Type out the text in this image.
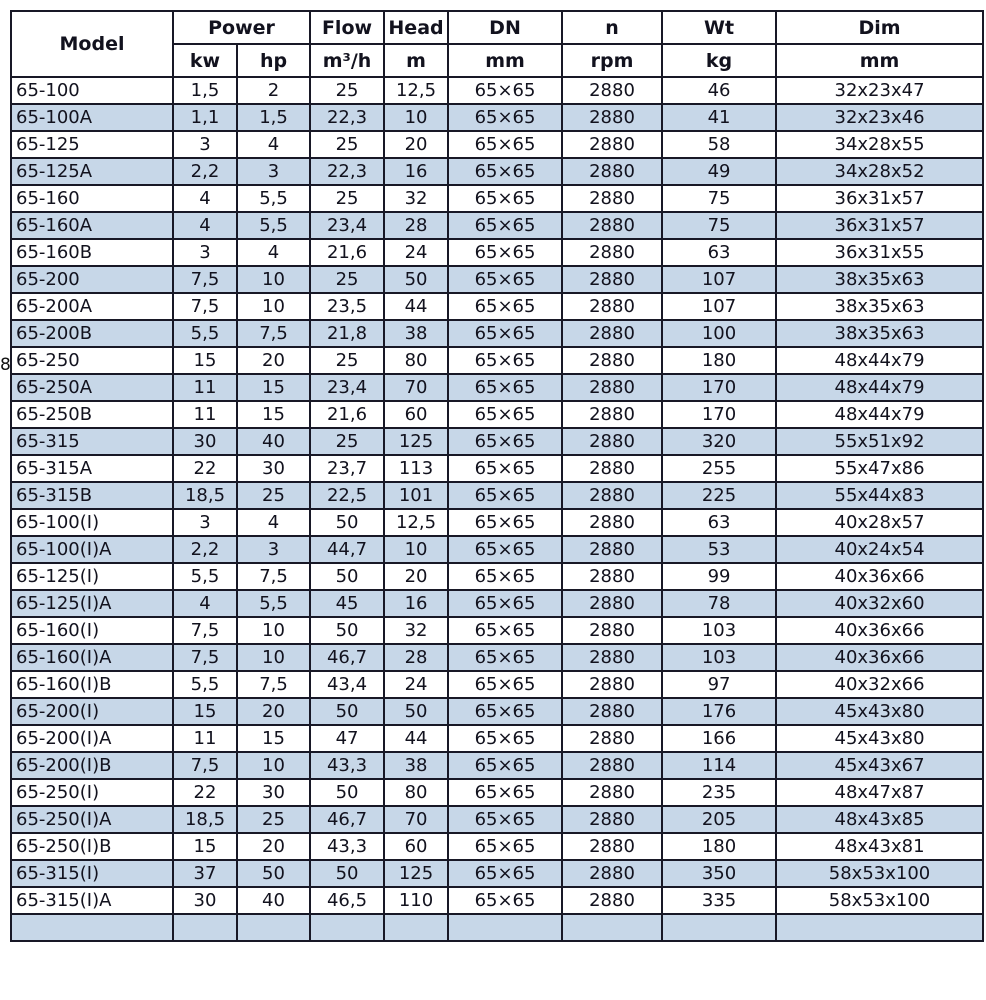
8
Model	Power		Flow	Head	DN	n	Wt	Dim
	kw	hp	m³/h	m	mm	rpm	kg	mm
65-100	1,5	2	25	12,5	65×65	2880	46	32x23x47
65-100A	1,1	1,5	22,3	10	65×65	2880	41	32x23x46
65-125	3	4	25	20	65×65	2880	58	34x28x55
65-125A	2,2	3	22,3	16	65×65	2880	49	34x28x52
65-160	4	5,5	25	32	65×65	2880	75	36x31x57
65-160A	4	5,5	23,4	28	65×65	2880	75	36x31x57
65-160B	3	4	21,6	24	65×65	2880	63	36x31x55
65-200	7,5	10	25	50	65×65	2880	107	38x35x63
65-200A	7,5	10	23,5	44	65×65	2880	107	38x35x63
65-200B	5,5	7,5	21,8	38	65×65	2880	100	38x35x63
65-250	15	20	25	80	65×65	2880	180	48x44x79
65-250A	11	15	23,4	70	65×65	2880	170	48x44x79
65-250B	11	15	21,6	60	65×65	2880	170	48x44x79
65-315	30	40	25	125	65×65	2880	320	55x51x92
65-315A	22	30	23,7	113	65×65	2880	255	55x47x86
65-315B	18,5	25	22,5	101	65×65	2880	225	55x44x83
65-100(I)	3	4	50	12,5	65×65	2880	63	40x28x57
65-100(I)A	2,2	3	44,7	10	65×65	2880	53	40x24x54
65-125(I)	5,5	7,5	50	20	65×65	2880	99	40x36x66
65-125(I)A	4	5,5	45	16	65×65	2880	78	40x32x60
65-160(I)	7,5	10	50	32	65×65	2880	103	40x36x66
65-160(I)A	7,5	10	46,7	28	65×65	2880	103	40x36x66
65-160(I)B	5,5	7,5	43,4	24	65×65	2880	97	40x32x66
65-200(I)	15	20	50	50	65×65	2880	176	45x43x80
65-200(I)A	11	15	47	44	65×65	2880	166	45x43x80
65-200(I)B	7,5	10	43,3	38	65×65	2880	114	45x43x67
65-250(I)	22	30	50	80	65×65	2880	235	48x47x87
65-250(I)A	18,5	25	46,7	70	65×65	2880	205	48x43x85
65-250(I)B	15	20	43,3	60	65×65	2880	180	48x43x81
65-315(I)	37	50	50	125	65×65	2880	350	58x53x100
65-315(I)A	30	40	46,5	110	65×65	2880	335	58x53x100
